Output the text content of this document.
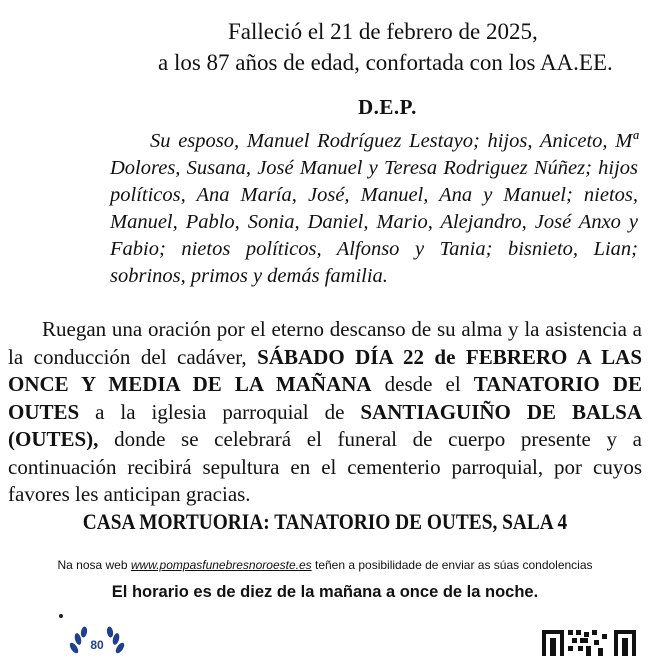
Falleció el 21 de febrero de 2025,
a los 87 años de edad, confortada con los AA.EE.
D.E.P.
Su esposo, Manuel Rodríguez Lestayo; hijos, Aniceto, Mª Dolores, Susana, José Manuel y Teresa Rodriguez Núñez; hijos políticos, Ana María, José, Manuel, Ana y Manuel; nietos, Manuel, Pablo, Sonia, Daniel, Mario, Alejandro, José Anxo y Fabio; nietos políticos, Alfonso y Tania; bisnieto, Lian; sobrinos, primos y demás familia.
Ruegan una oración por el eterno descanso de su alma y la asistencia a la conducción del cadáver, SÁBADO DÍA 22 de FEBRERO A LAS ONCE Y MEDIA DE LA MAÑANA desde el TANATORIO DE OUTES a la iglesia parroquial de SANTIAGUIÑO DE BALSA (OUTES), donde se celebrará el funeral de cuerpo presente y a continuación recibirá sepultura en el cementerio parroquial, por cuyos favores les anticipan gracias.
CASA MORTUORIA: TANATORIO DE OUTES, SALA 4
Na nosa web www.pompasfunebresnoroeste.es teñen a posibilidade de enviar as súas condolencias
El horario es de diez de la mañana a once de la noche.
80
